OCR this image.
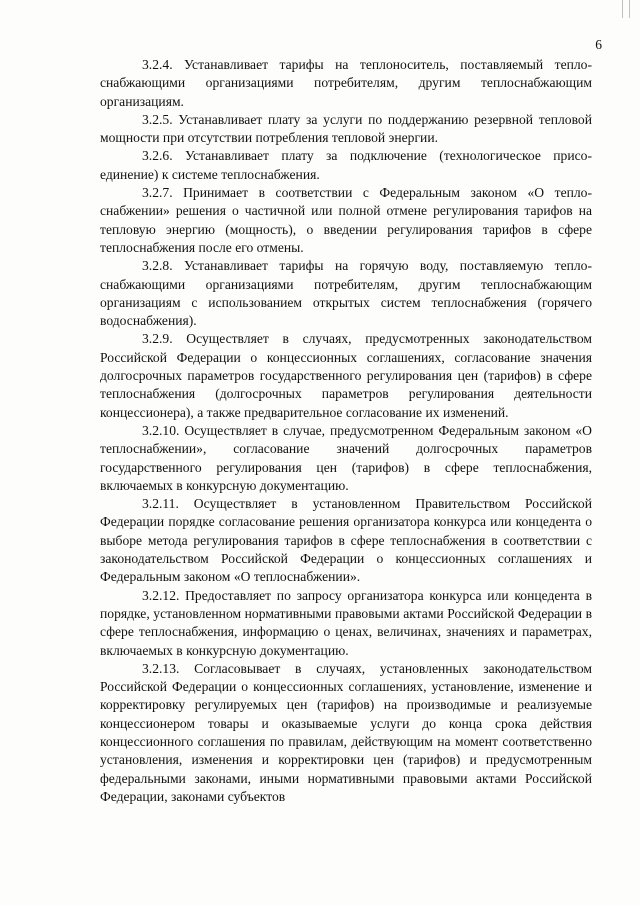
6

3.2.4. Устанавливает тарифы на теплоноситель, поставляемый теплоснабжающими организациями потребителям, другим теплоснабжающим организациям.

3.2.5. Устанавливает плату за услуги по поддержанию резервной тепловой мощности при отсутствии потребления тепловой энергии.

3.2.6. Устанавливает плату за подключение (технологическое присоединение) к системе теплоснабжения.

3.2.7. Принимает в соответствии с Федеральным законом «О теплоснабжении» решения о частичной или полной отмене регулирования тарифов на тепловую энергию (мощность), о введении регулирования тарифов в сфере теплоснабжения после его отмены.

3.2.8. Устанавливает тарифы на горячую воду, поставляемую теплоснабжающими организациями потребителям, другим теплоснабжающим организациям с использованием открытых систем теплоснабжения (горячего водоснабжения).

3.2.9. Осуществляет в случаях, предусмотренных законодательством Российской Федерации о концессионных соглашениях, согласование значения долгосрочных параметров государственного регулирования цен (тарифов) в сфере теплоснабжения (долгосрочных параметров регулирования деятельности концессионера), а также предварительное согласование их изменений.

3.2.10. Осуществляет в случае, предусмотренном Федеральным законом «О теплоснабжении», согласование значений долгосрочных параметров государственного регулирования цен (тарифов) в сфере теплоснабжения, включаемых в конкурсную документацию.

3.2.11. Осуществляет в установленном Правительством Российской Федерации порядке согласование решения организатора конкурса или концедента о выборе метода регулирования тарифов в сфере теплоснабжения в соответствии с законодательством Российской Федерации о концессионных соглашениях и Федеральным законом «О теплоснабжении».

3.2.12. Предоставляет по запросу организатора конкурса или концедента в порядке, установленном нормативными правовыми актами Российской Федерации в сфере теплоснабжения, информацию о ценах, величинах, значениях и параметрах, включаемых в конкурсную документацию.

3.2.13. Согласовывает в случаях, установленных законодательством Российской Федерации о концессионных соглашениях, установление, изменение и корректировку регулируемых цен (тарифов) на производимые и реализуемые концессионером товары и оказываемые услуги до конца срока действия концессионного соглашения по правилам, действующим на момент соответственно установления, изменения и корректировки цен (тарифов) и предусмотренным федеральными законами, иными нормативными правовыми актами Российской Федерации, законами субъектов
